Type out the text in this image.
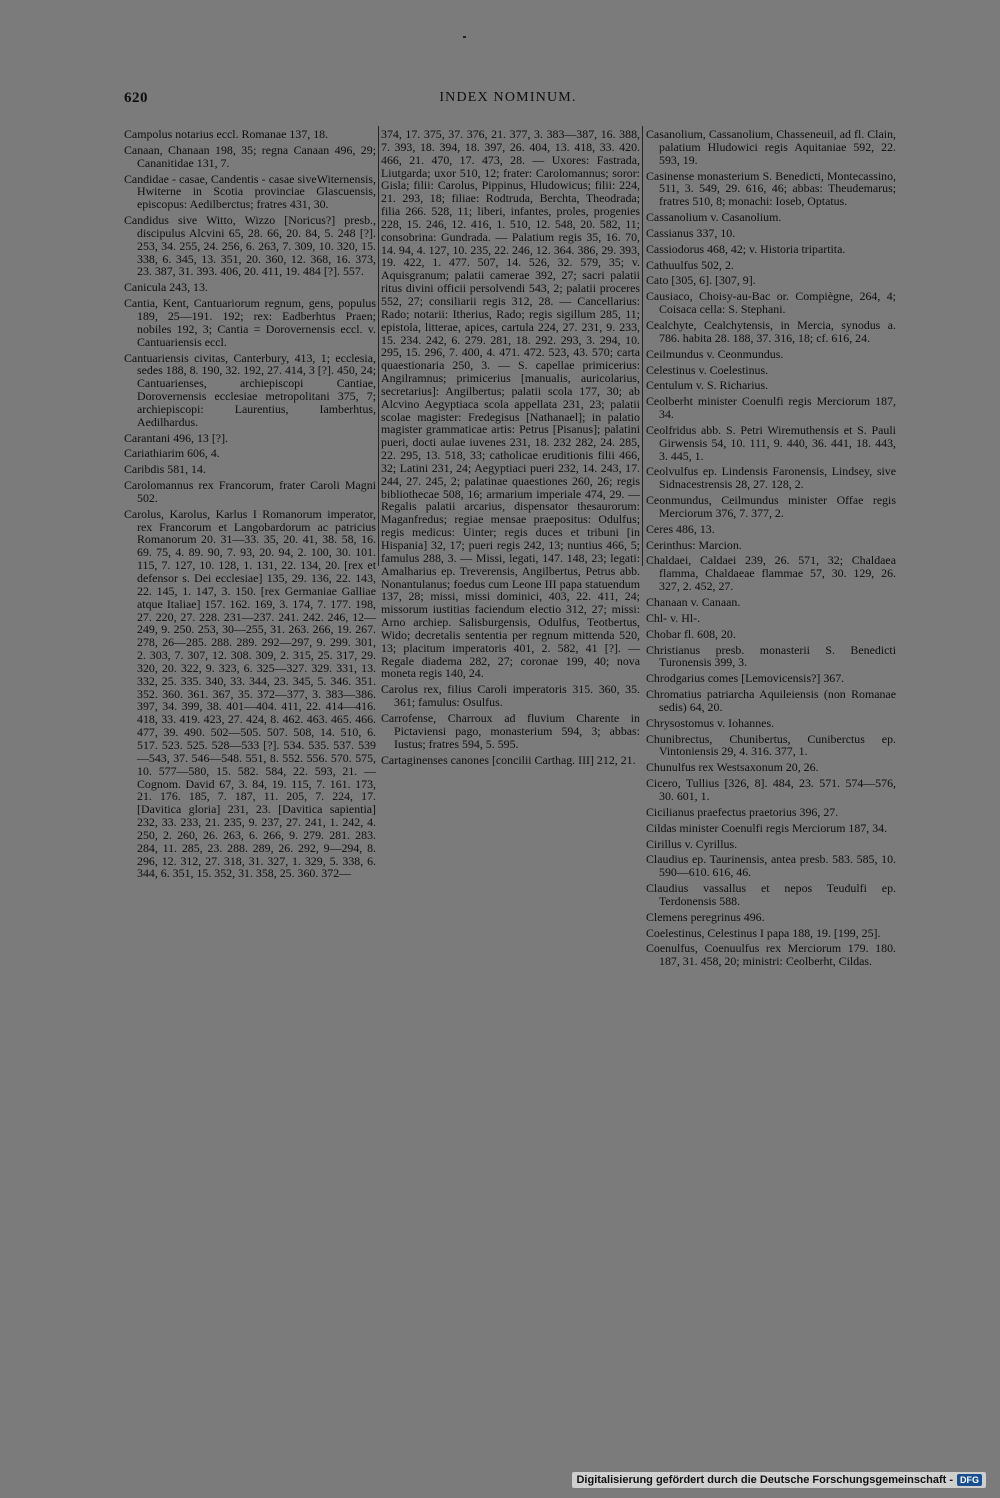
620	INDEX NOMINUM.

Campolus notarius eccl. Romanae 137, 18.

Canaan, Chanaan 198, 35; regna Canaan 496, 29; Cananitidae 131, 7.

Candidae - casae, Candentis - casae siveWiternensis, Hwiterne in Scotia provinciae Glascuensis, episcopus: Aedilberctus; fratres 431, 30.

Candidus sive Witto, Wizzo [Noricus?] presb., discipulus Alcvini 65, 28. 66, 20. 84, 5. 248 [?]. 253, 34. 255, 24. 256, 6. 263, 7. 309, 10. 320, 15. 338, 6. 345, 13. 351, 20. 360, 12. 368, 16. 373, 23. 387, 31. 393. 406, 20. 411, 19. 484 [?]. 557.

Canicula 243, 13.

Cantia, Kent, Cantuariorum regnum, gens, populus 189, 25—191. 192; rex: Eadberhtus Praen; nobiles 192, 3; Cantia = Dorovernensis eccl. v. Cantuariensis eccl.

Cantuariensis civitas, Canterbury, 413, 1; ecclesia, sedes 188, 8. 190, 32. 192, 27. 414, 3 [?]. 450, 24; Cantuarienses, archiepiscopi Cantiae, Dorovernensis ecclesiae metropolitani 375, 7; archiepiscopi: Laurentius, Iamberhtus, Aedilhardus.

Carantani 496, 13 [?].

Cariathiarim 606, 4.

Caribdis 581, 14.

Carolomannus rex Francorum, frater Caroli Magni 502.

Carolus, Karolus, Karlus I Romanorum imperator, rex Francorum et Langobardorum ac patricius Romanorum 20. 31—33. 35, 20. 41, 38. 58, 16. 69. 75, 4. 89. 90, 7. 93, 20. 94, 2. 100, 30. 101. 115, 7. 127, 10. 128, 1. 131, 22. 134, 20. [rex et defensor s. Dei ecclesiae] 135, 29. 136, 22. 143, 22. 145, 1. 147, 3. 150. [rex Germaniae Galliae atque Italiae] 157. 162. 169, 3. 174, 7. 177. 198, 27. 220, 27. 228. 231—237. 241. 242. 246, 12—249, 9. 250. 253, 30—255, 31. 263. 266, 19. 267. 278, 26—285. 288. 289. 292—297, 9. 299. 301, 2. 303, 7. 307, 12. 308. 309, 2. 315, 25. 317, 29. 320, 20. 322, 9. 323, 6. 325—327. 329. 331, 13. 332, 25. 335. 340, 33. 344, 23. 345, 5. 346. 351. 352. 360. 361. 367, 35. 372—377, 3. 383—386. 397, 34. 399, 38. 401—404. 411, 22. 414—416. 418, 33. 419. 423, 27. 424, 8. 462. 463. 465. 466. 477, 39. 490. 502—505. 507. 508, 14. 510, 6. 517. 523. 525. 528—533 [?]. 534. 535. 537. 539—543, 37. 546—548. 551, 8. 552. 556. 570. 575, 10. 577—580, 15. 582. 584, 22. 593, 21. — Cognom. David 67, 3. 84, 19. 115, 7. 161. 173, 21. 176. 185, 7. 187, 11. 205, 7. 224, 17. [Davitica gloria] 231, 23. [Davitica sapientia] 232, 33. 233, 21. 235, 9. 237, 27. 241, 1. 242, 4. 250, 2. 260, 26. 263, 6. 266, 9. 279. 281. 283. 284, 11. 285, 23. 288. 289, 26. 292, 9—294, 8. 296, 12. 312, 27. 318, 31. 327, 1. 329, 5. 338, 6. 344, 6. 351, 15. 352, 31. 358, 25. 360. 372—

374, 17. 375, 37. 376, 21. 377, 3. 383—387, 16. 388, 7. 393, 18. 394, 18. 397, 26. 404, 13. 418, 33. 420. 466, 21. 470, 17. 473, 28. — Uxores: Fastrada, Liutgarda; uxor 510, 12; frater: Carolomannus; soror: Gisla; filii: Carolus, Pippinus, Hludowicus; filii: 224, 21. 293, 18; filiae: Rodtruda, Berchta, Theodrada; filia 266. 528, 11; liberi, infantes, proles, progenies 228, 15. 246, 12. 416, 1. 510, 12. 548, 20. 582, 11; consobrina: Gundrada. — Palatium regis 35, 16. 70, 14. 94, 4. 127, 10. 235, 22. 246, 12. 364. 386, 29. 393, 19. 422, 1. 477. 507, 14. 526, 32. 579, 35; v. Aquisgranum; palatii camerae 392, 27; sacri palatii ritus divini officii persolvendi 543, 2; palatii proceres 552, 27; consiliarii regis 312, 28. — Cancellarius: Rado; notarii: Itherius, Rado; regis sigillum 285, 11; epistola, litterae, apices, cartula 224, 27. 231, 9. 233, 15. 234. 242, 6. 279. 281, 18. 292. 293, 3. 294, 10. 295, 15. 296, 7. 400, 4. 471. 472. 523, 43. 570; carta quaestionaria 250, 3. — S. capellae primicerius: Angilramnus; primicerius [manualis, auricolarius, secretarius]: Angilbertus; palatii scola 177, 30; ab Alcvino Aegyptiaca scola appellata 231, 23; palatii scolae magister: Fredegisus [Nathanael]; in palatio magister grammaticae artis: Petrus [Pisanus]; palatini pueri, docti aulae iuvenes 231, 18. 232 282, 24. 285, 22. 295, 13. 518, 33; catholicae eruditionis filii 466, 32; Latini 231, 24; Aegyptiaci pueri 232, 14. 243, 17. 244, 27. 245, 2; palatinae quaestiones 260, 26; regis bibliothecae 508, 16; armarium imperiale 474, 29. — Regalis palatii arcarius, dispensator thesaurorum: Maganfredus; regiae mensae praepositus: Odulfus; regis medicus: Uinter; regis duces et tribuni [in Hispania] 32, 17; pueri regis 242, 13; nuntius 466, 5; famulus 288, 3. — Missi, legati, 147. 148, 23; legati: Amalharius ep. Treverensis, Angilbertus, Petrus abb. Nonantulanus; foedus cum Leone III papa statuendum 137, 28; missi, missi dominici, 403, 22. 411, 24; missorum iustitias faciendum electio 312, 27; missi: Arno archiep. Salisburgensis, Odulfus, Teotbertus, Wido; decretalis sententia per regnum mittenda 520, 13; placitum imperatoris 401, 2. 582, 41 [?]. — Regale diadema 282, 27; coronae 199, 40; nova moneta regis 140, 24.

Carolus rex, filius Caroli imperatoris 315. 360, 35. 361; famulus: Osulfus.

Carrofense, Charroux ad fluvium Charente in Pictaviensi pago, monasterium 594, 3; abbas: Iustus; fratres 594, 5. 595.

Cartaginenses canones [concilii Carthag. III] 212, 21.

Casanolium, Cassanolium, Chasseneuil, ad fl. Clain, palatium Hludowici regis Aquitaniae 592, 22. 593, 19.

Casinense monasterium S. Benedicti, Montecassino, 511, 3. 549, 29. 616, 46; abbas: Theudemarus; fratres 510, 8; monachi: Ioseb, Optatus.

Cassanolium v. Casanolium.

Cassianus 337, 10.

Cassiodorus 468, 42; v. Historia tripartita.

Cathuulfus 502, 2.

Cato [305, 6]. [307, 9].

Causiaco, Choisy-au-Bac or. Compiègne, 264, 4; Coisaca cella: S. Stephani.

Cealchyte, Cealchytensis, in Mercia, synodus a. 786. habita 28. 188, 37. 316, 18; cf. 616, 24.

Ceilmundus v. Ceonmundus.

Celestinus v. Coelestinus.

Centulum v. S. Richarius.

Ceolberht minister Coenulfi regis Merciorum 187, 34.

Ceolfridus abb. S. Petri Wiremuthensis et S. Pauli Girwensis 54, 10. 111, 9. 440, 36. 441, 18. 443, 3. 445, 1.

Ceolvulfus ep. Lindensis Faronensis, Lindsey, sive Sidnacestrensis 28, 27. 128, 2.

Ceonmundus, Ceilmundus minister Offae regis Merciorum 376, 7. 377, 2.

Ceres 486, 13.

Cerinthus: Marcion.

Chaldaei, Caldaei 239, 26. 571, 32; Chaldaea flamma, Chaldaeae flammae 57, 30. 129, 26. 327, 2. 452, 27.

Chanaan v. Canaan.

Chl- v. Hl-.

Chobar fl. 608, 20.

Christianus presb. monasterii S. Benedicti Turonensis 399, 3.

Chrodgarius comes [Lemovicensis?] 367.

Chromatius patriarcha Aquileiensis (non Romanae sedis) 64, 20.

Chrysostomus v. Iohannes.

Chunibrectus, Chunibertus, Cuniberctus ep. Vintoniensis 29, 4. 316. 377, 1.

Chunulfus rex Westsaxonum 20, 26.

Cicero, Tullius [326, 8]. 484, 23. 571. 574—576, 30. 601, 1.

Cicilianus praefectus praetorius 396, 27.

Cildas minister Coenulfi regis Merciorum 187, 34.

Cirillus v. Cyrillus.

Claudius ep. Taurinensis, antea presb. 583. 585, 10. 590—610. 616, 46.

Claudius vassallus et nepos Teudulfi ep. Terdonensis 588.

Clemens peregrinus 496.

Coelestinus, Celestinus I papa 188, 19. [199, 25].

Coenulfus, Coenuulfus rex Merciorum 179. 180. 187, 31. 458, 20; ministri: Ceolberht, Cildas.

Digitalisierung gefördert durch die Deutsche Forschungsgemeinschaft - DFG
